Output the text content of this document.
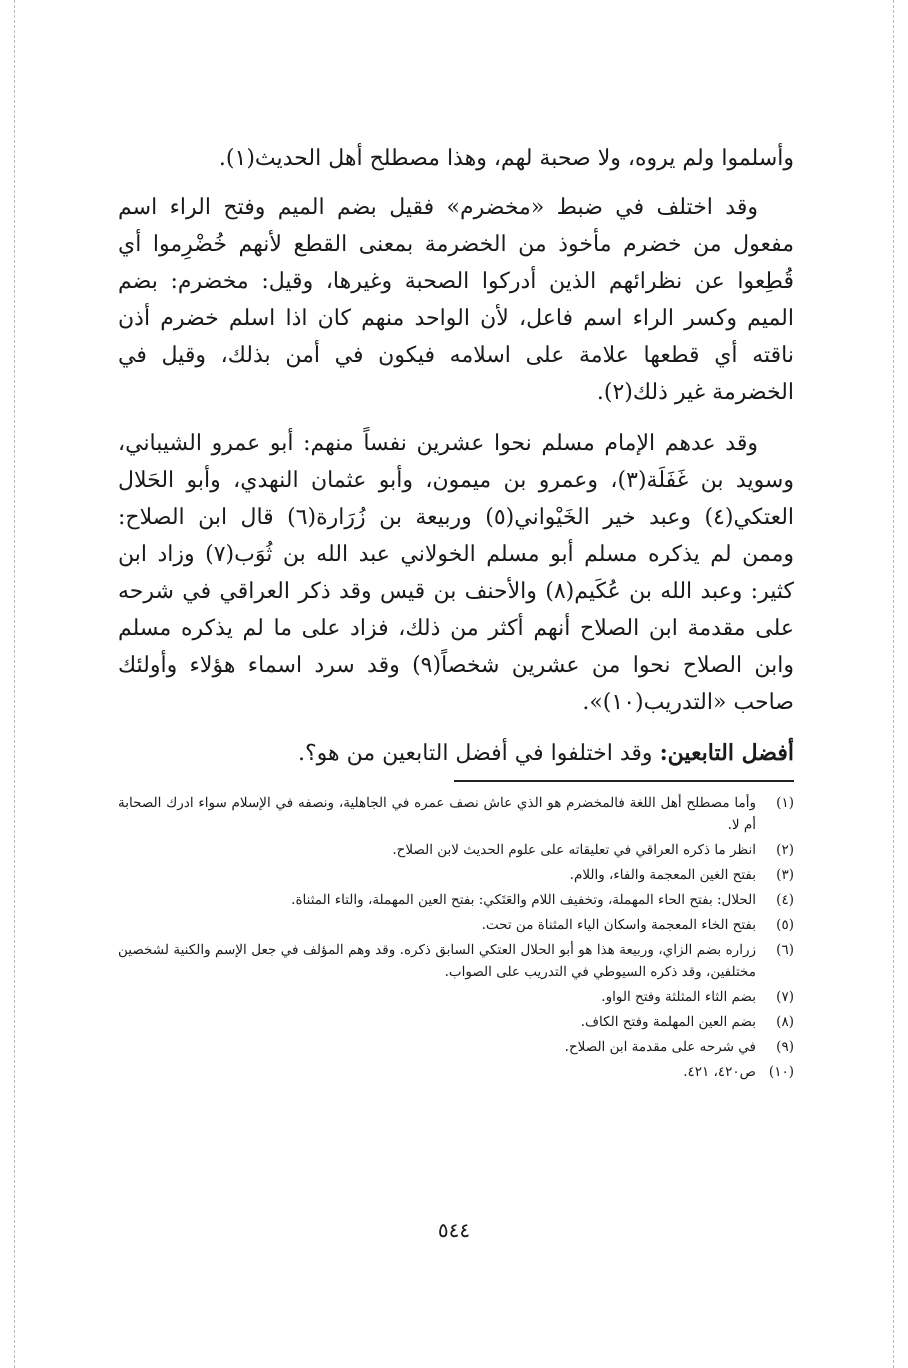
وأسلموا ولم يروه، ولا صحبة لهم، وهذا مصطلح أهل الحديث(١).

وقد اختلف في ضبط «مخضرم» فقيل بضم الميم وفتح الراء اسم مفعول من خضرم مأخوذ من الخضرمة بمعنى القطع لأنهم خُضْرِموا أي قُطِعوا عن نظرائهم الذين أدركوا الصحبة وغيرها، وقيل: مخضرم: بضم الميم وكسر الراء اسم فاعل، لأن الواحد منهم كان اذا اسلم خضرم أذن ناقته أي قطعها علامة على اسلامه فيكون في أمن بذلك، وقيل في الخضرمة غير ذلك(٢).

وقد عدهم الإمام مسلم نحوا عشرين نفساً منهم: أبو عمرو الشيباني، وسويد بن غَفَلَة(٣)، وعمرو بن ميمون، وأبو عثمان النهدي، وأبو الحَلال العتكي(٤) وعبد خير الخَيْواني(٥) وربيعة بن زُرَارة(٦) قال ابن الصلاح: وممن لم يذكره مسلم أبو مسلم الخولاني عبد الله بن ثُوَب(٧) وزاد ابن كثير: وعبد الله بن عُكَيم(٨) والأحنف بن قيس وقد ذكر العراقي في شرحه على مقدمة ابن الصلاح أنهم أكثر من ذلك، فزاد على ما لم يذكره مسلم وابن الصلاح نحوا من عشرين شخصاً(٩) وقد سرد اسماء هؤلاء وأولئك صاحب «التدريب(١٠)».

أفضل التابعين: وقد اختلفوا في أفضل التابعين من هو؟.

(١)
وأما مصطلح أهل اللغة فالمخضرم هو الذي عاش نصف عمره في الجاهلية، ونصفه في الإسلام سواء ادرك الصحابة أم لا.
(٢)
انظر ما ذكره العراقي في تعليقاته على علوم الحديث لابن الصلاح.
(٣)
بفتح الغين المعجمة والفاء، واللام.
(٤)
الحلال: بفتح الحاء المهملة، وتخفيف اللام والعَتَكي: بفتح العين المهملة، والتاء المثناة.
(٥)
بفتح الخاء المعجمة واسكان الياء المثناة من تحت.
(٦)
زراره بضم الزاي، وربيعة هذا هو أبو الحلال العتكي السابق ذكره. وقد وهم المؤلف في جعل الإسم والكنية لشخصين مختلفين، وقد ذكره السيوطي في التدريب على الصواب.
(٧)
بضم الثاء المثلثة وفتح الواو.
(٨)
بضم العين المهلمة وفتح الكاف.
(٩)
في شرحه على مقدمة ابن الصلاح.
(١٠)
ص٤٢٠، ٤٢١.
٥٤٤
